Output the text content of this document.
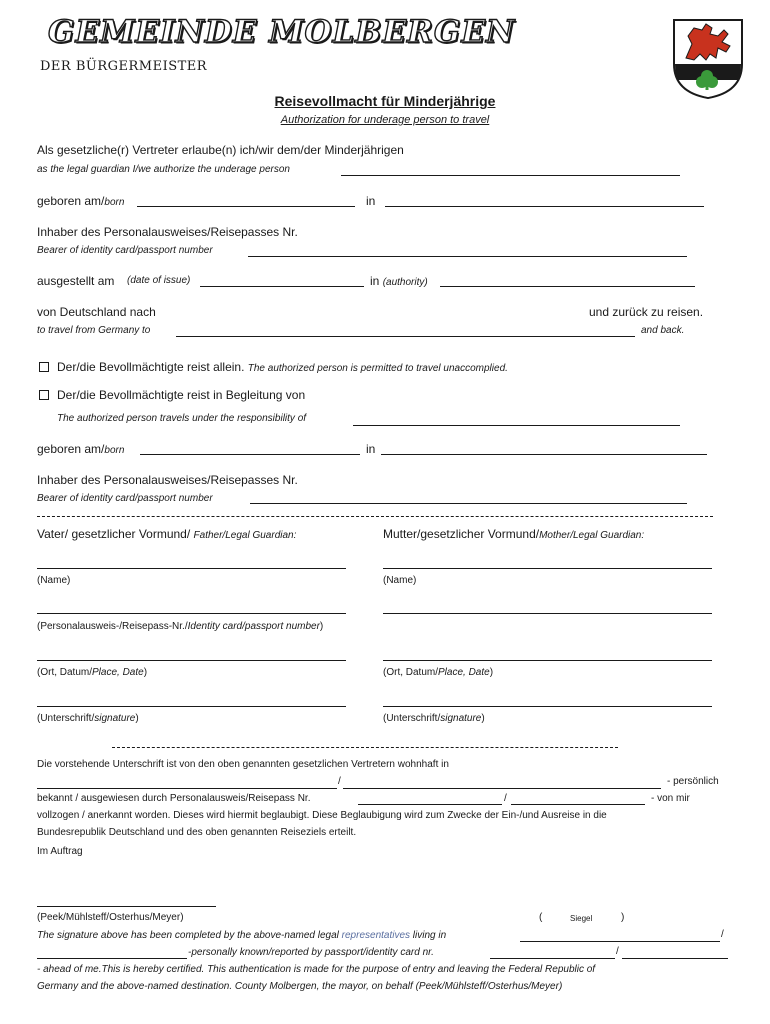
GEMEINDE MOLBERGEN
DER BÜRGERMEISTER
Reisevollmacht für Minderjährige
Authorization for underage person to travel
Als gesetzliche(r) Vertreter erlaube(n) ich/wir dem/der Minderjährigen
as the legal guardian I/we authorize the underage person
geboren am/born	in
Inhaber des Personalausweises/Reisepasses Nr.
Bearer of identity card/passport number
ausgestellt am (date of issue)	in (authority)
von Deutschland nach	und zurück zu reisen.
to travel from Germany to	and back.
Der/die Bevollmächtigte reist allein. The authorized person is permitted to travel unaccomplied.
Der/die Bevollmächtigte reist in Begleitung von
The authorized person travels under the responsibility of
geboren am/born	in
Inhaber des Personalausweises/Reisepasses Nr.
Bearer of identity card/passport number
Vater/ gesetzlicher Vormund/ Father/Legal Guardian:	Mutter/gesetzlicher Vormund/Mother/Legal Guardian:
(Name)	(Name)
(Personalausweis-/Reisepass-Nr./Identity card/passport number)
(Ort, Datum/Place, Date)	(Ort, Datum/Place, Date)
(Unterschrift/signature)	(Unterschrift/signature)
Die vorstehende Unterschrift ist von den oben genannten gesetzlichen Vertretern wohnhaft in
/	- persönlich
bekannt / ausgewiesen durch Personalausweis/Reisepass Nr.	/	- von mir
vollzogen / anerkannt worden. Dieses wird hiermit beglaubigt. Diese Beglaubigung wird zum Zwecke der Ein-/und Ausreise in die
Bundesrepublik Deutschland und des oben genannten Reiseziels erteilt.
Im Auftrag
(Peek/Mühlsteff/Osterhus/Meyer)	(	Siegel	)
The signature above has been completed by the above-named legal representatives living in	/
-personally known/reported by passport/identity card nr.	/
- ahead of me.This is hereby certified. This authentication is made for the purpose of entry and leaving the Federal Republic of
Germany and the above-named destination. County Molbergen, the mayor, on behalf (Peek/Mühlsteff/Osterhus/Meyer)
